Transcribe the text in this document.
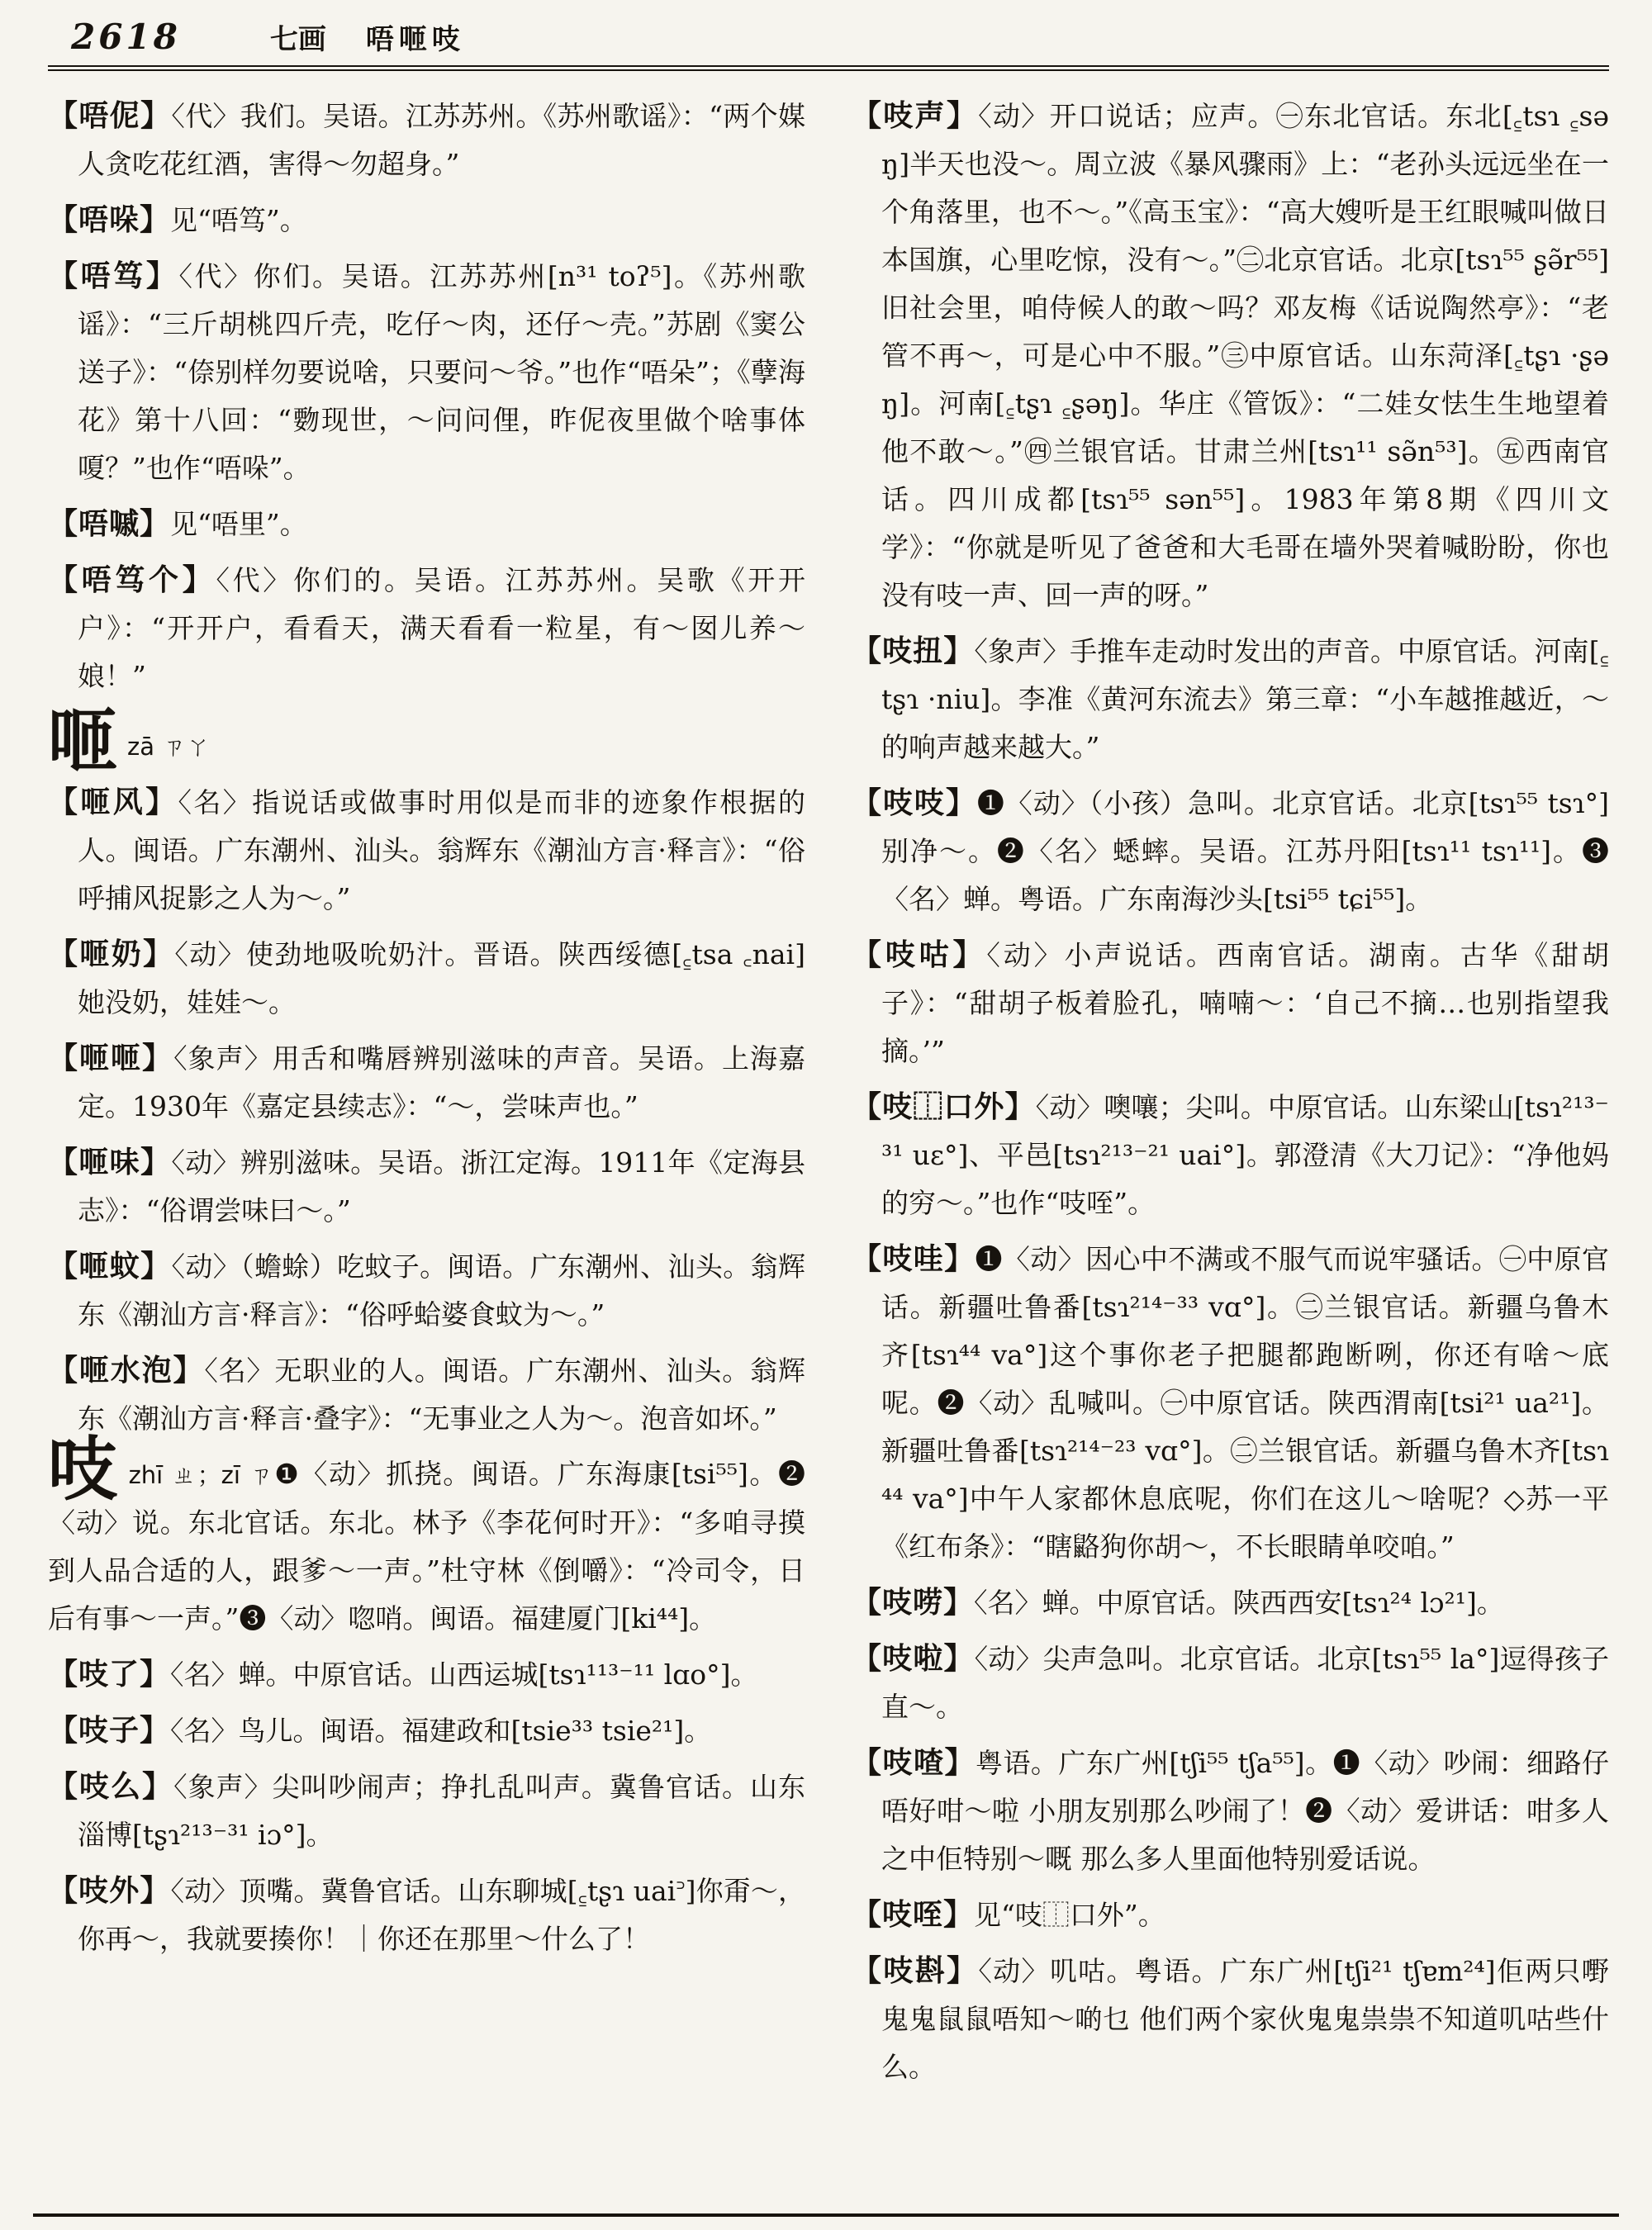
2618	七画 唔咂吱
【唔伲】〈代〉我们。吴语。江苏苏州。《苏州歌谣》：“两个媒人贪吃花红酒，害得～勿超身。”
【唔哚】见“唔笃”。
【唔笃】〈代〉你们。吴语。江苏苏州[n³¹ toʔ⁵]。《苏州歌谣》：“三斤胡桃四斤壳，吃仔～肉，还仔～壳。”苏剧《窦公送子》：“倷别样勿要说啥，只要问～爷。”也作“唔朵”；《孽海花》第十八回：“覅现世，～问问俚，昨伲夜里做个啥事体嗄？”也作“唔哚”。
【唔嘁】见“唔里”。
【唔笃个】〈代〉你们的。吴语。江苏苏州。吴歌《开开户》：“开开户，看看天，满天看看一粒星，有～囡儿养～娘！”
咂zā ㄗㄚ
【咂风】〈名〉指说话或做事时用似是而非的迹象作根据的人。闽语。广东潮州、汕头。翁辉东《潮汕方言·释言》：“俗呼捕风捉影之人为～。”
【咂奶】〈动〉使劲地吸吮奶汁。晋语。陕西绥德[꜁tsa ꜀nai]她没奶，娃娃～。
【咂咂】〈象声〉用舌和嘴唇辨别滋味的声音。吴语。上海嘉定。1930年《嘉定县续志》：“～，尝味声也。”
【咂味】〈动〉辨别滋味。吴语。浙江定海。1911年《定海县志》：“俗谓尝味曰～。”
【咂蚊】〈动〉（蟾蜍）吃蚊子。闽语。广东潮州、汕头。翁辉东《潮汕方言·释言》：“俗呼蛤婆食蚊为～。”
【咂水泡】〈名〉无职业的人。闽语。广东潮州、汕头。翁辉东《潮汕方言·释言·叠字》：“无事业之人为～。泡音如坏。”
吱zhī ㄓ；zī ㄗ❶〈动〉抓挠。闽语。广东海康[tsi⁵⁵]。❷〈动〉说。东北官话。东北。林予《李花何时开》：“多咱寻摸到人品合适的人，跟爹～一声。”杜守林《倒嚼》：“冷司令，日后有事～一声。”❸〈动〉唿哨。闽语。福建厦门[ki⁴⁴]。
【吱了】〈名〉蝉。中原官话。山西运城[tsɿ¹¹³⁻¹¹ lɑo°]。
【吱子】〈名〉鸟儿。闽语。福建政和[tsie³³ tsie²¹]。
【吱么】〈象声〉尖叫吵闹声；挣扎乱叫声。冀鲁官话。山东淄博[tʂɿ²¹³⁻³¹ iɔ°]。
【吱外】〈动〉顶嘴。冀鲁官话。山东聊城[꜁tʂɿ uai꜄]你甭～，你再～，我就要揍你！｜你还在那里～什么了！
【吱声】〈动〉开口说话；应声。㊀东北官话。东北[꜁tsɿ ꜁səŋ]半天也没～。周立波《暴风骤雨》上：“老孙头远远坐在一个角落里，也不～。”《高玉宝》：“高大嫂听是王红眼喊叫做日本国旗，心里吃惊，没有～。”㊁北京官话。北京[tsɿ⁵⁵ ʂə̃r⁵⁵]旧社会里，咱侍候人的敢～吗？邓友梅《话说陶然亭》：“老管不再～，可是心中不服。”㊂中原官话。山东菏泽[꜁tʂɿ ·ʂəŋ]。河南[꜁tʂɿ ꜁ʂəŋ]。华庄《管饭》：“二娃女怯生生地望着他不敢～。”㊃兰银官话。甘肃兰州[tsɿ¹¹ sə̃n⁵³]。㊄西南官话。四川成都[tsɿ⁵⁵ sən⁵⁵]。1983年第8期《四川文学》：“你就是听见了爸爸和大毛哥在墙外哭着喊盼盼，你也没有吱一声、回一声的呀。”
【吱扭】〈象声〉手推车走动时发出的声音。中原官话。河南[꜁tʂɿ ·niu]。李准《黄河东流去》第三章：“小车越推越近，～的响声越来越大。”
【吱吱】❶〈动〉（小孩）急叫。北京官话。北京[tsɿ⁵⁵ tsɿ°]别净～。❷〈名〉蟋蟀。吴语。江苏丹阳[tsɿ¹¹ tsɿ¹¹]。❸〈名〉蝉。粤语。广东南海沙头[tsi⁵⁵ tɕi⁵⁵]。
【吱咕】〈动〉小声说话。西南官话。湖南。古华《甜胡子》：“甜胡子板着脸孔，喃喃～：‘自己不摘…也别指望我摘。’”
【吱⿰口外】〈动〉噢嚷；尖叫。中原官话。山东梁山[tsɿ²¹³⁻³¹ uɛ°]、平邑[tsɿ²¹³⁻²¹ uai°]。郭澄清《大刀记》：“净他妈的穷～。”也作“吱咥”。
【吱哇】❶〈动〉因心中不满或不服气而说牢骚话。㊀中原官话。新疆吐鲁番[tsɿ²¹⁴⁻³³ vɑ°]。㊁兰银官话。新疆乌鲁木齐[tsɿ⁴⁴ va°]这个事你老子把腿都跑断咧，你还有啥～底呢。❷〈动〉乱喊叫。㊀中原官话。陕西渭南[tsi²¹ ua²¹]。新疆吐鲁番[tsɿ²¹⁴⁻²³ vɑ°]。㊁兰银官话。新疆乌鲁木齐[tsɿ⁴⁴ va°]中午人家都休息底呢，你们在这儿～啥呢？◇苏一平《红布条》：“瞎䶅狗你胡～，不长眼睛单咬咱。”
【吱唠】〈名〉蝉。中原官话。陕西西安[tsɿ²⁴ lɔ²¹]。
【吱啦】〈动〉尖声急叫。北京官话。北京[tsɿ⁵⁵ la°]逗得孩子直～。
【吱喳】粤语。广东广州[tʃi⁵⁵ tʃa⁵⁵]。❶〈动〉吵闹：细路仔唔好咁～啦 小朋友别那么吵闹了！❷〈动〉爱讲话：咁多人之中佢特别～嘅 那么多人里面他特别爱话说。
【吱咥】见“吱⿰口外”。
【吱斟】〈动〉叽咕。粤语。广东广州[tʃi²¹ tʃɐm²⁴]佢两只嘢鬼鬼鼠鼠唔知～啲乜 他们两个家伙鬼鬼祟祟不知道叽咕些什么。
